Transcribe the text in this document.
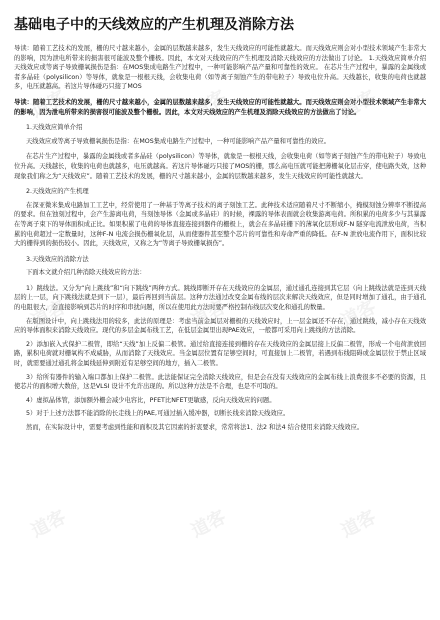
基础电子中的天线效应的产生机理及消除方法

导读：随着工艺技术的发展，栅的尺寸越来越小，金属的层数越来越多，发生天线效应的可能性就越大。而天线效应则会对小型技术领域产生非常大的影响，因为泄电所带来的损害很可能波及整个栅极。因此，本文对天线效应的产生机理及消除天线效应的方法做出了讨论。 1.天线效应简单介绍 天线效应或等离子导致栅氧损伤是指：在MOS集成电路生产过程中，一种可能影响产品产量和可靠性的效应。 在芯片生产过程中，暴露的金属线或者多晶硅（polysilicon）等导体，就象是一根根天线，会收集电荷（如等离子刻蚀产生的带电粒子）导致电位升高。天线越长，收集的电荷也就越多，电压就越高。若这片导体碰巧只接了MOS

导读：随着工艺技术的发展，栅的尺寸越来越小，金属的层数越来越多，发生天线效应的可能性就越大。而天线效应则会对小型技术领域产生非常大的影响，因为泄电所带来的损害很可能波及整个栅极。因此，本文对天线效应的产生机理及消除天线效应的方法做出了讨论。

1.天线效应简单介绍

天线效应或等离子导致栅氧损伤是指：在MOS集成电路生产过程中，一种可能影响产品产量和可靠性的效应。

在芯片生产过程中，暴露的金属线或者多晶硅（polysilicon）等导体，就象是一根根天线，会收集电荷（如等离子刻蚀产生的带电粒子）导致电位升高。天线越长，收集的电荷也就越多，电压就越高。若这片导体碰巧只接了MOS的栅，那么高电压就可能把薄栅氧化层击穿，使电路失效，这种现象我们称之为“天线效应”。随着工艺技术的发展，栅的尺寸越来越小，金属的层数越来越多，发生天线效应的可能性就越大。

2.天线效应的产生机理

在深亚微米集成电路加工工艺中，经常使用了一种基于等离子技术的离子刻蚀工艺。此种技术适应随着尺寸不断缩小，掩模刻蚀分辨率不断提高的要求。但在蚀刻过程中，会产生游离电荷，当刻蚀导体（金属或多晶硅）的时候，裸露的导体表面就会收集游离电荷。所积累的电荷多少与其暴露在等离子束下的导体面积成正比。如果积累了电荷的导体直接连接到器件的栅极上，就会在多晶硅栅下的薄氧化层形成F-N 隧穿电流泄放电荷，当积累的电荷超过一定数量时，这种F-N 电流会损伤栅氧化层，从而使器件甚至整个芯片的可靠性和寿命严重的降低。在F-N 泄放电流作用下，面积比较大的栅得到的损伤较小。因此，天线效应，又称之为“等离子导致栅氧损伤”。

3.天线效应的消除方法

下面本文就介绍几种消除天线效应的方法：

1）跳线法。又分为“向上跳线”和“向下跳线”两种方式。跳线即断开存在天线效应的金属层，通过通孔连接到其它层（向上跳线法就是连到天线层的上一层，向下跳线法就是到下一层），最后再回到当前层。这种方法通过改变金属布线的层次来解决天线效应，但是同时增加了通孔，由于通孔的电阻很大，会直接影响到芯片的时序和串扰问题，所以在使用此方法时要严格控制布线层次变化和通孔的数量。

在版图设计中，向上跳线法用的较多，此法的原理是：考虑当前金属层对栅极的天线效应时，上一层金属还不存在，通过跳线，减小存在天线效应的导体面积来消除天线效应。现代的多层金属布线工艺，在低层金属里出现PAE效应，一般都可采用向上跳线的方法消除。

2）添加嵌入式保护二极管，即给“天线”加上反偏二极管。通过给直接连接到栅的存在天线效应的金属层接上反偏二极管，形成一个电荷泄放回路，累积电荷就对栅氧构不成威胁，从而消除了天线效应。当金属层位置有足够空间时，可直接加上二极管，若遇到布线阻碍或金属层位于禁止区域时，就需要通过通孔将金属线延伸到附近有足够空间的地方，插入二极管。

3）给所有器件的输入端口都加上保护二极管。此法能保证完全消除天线效应，但是会在没有天线效应的金属布线上浪费很多不必要的资源，且使芯片的面积增大数倍，这是VLSI 设计不允许出现的。所以这种方法是不合理，也是不可取的。

4）虚拟晶体管，添加额外栅会减少电容比，PFET比NFET更敏感，反向天线效应的问题。

5）对于上述方法都不能消除的长走线上的PAE,可通过插入缓冲器，切断长线来消除天线效应。

然而，在实际设计中，需要考虑到性能和面积及其它因素的折衷要求，常常将法1、法2 和法4 结合使用来消除天线效应。

道客	道客	道客
道客	道客	道客
道客	道客	道客
